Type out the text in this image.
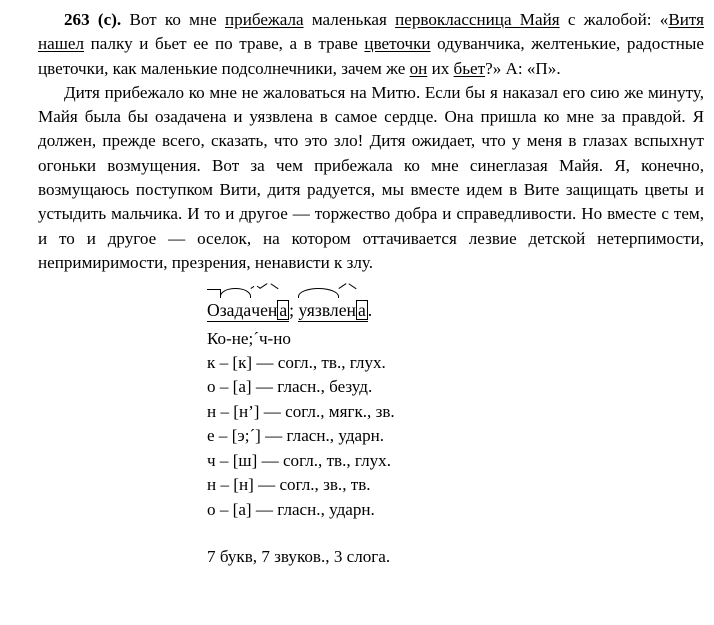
263 (с). Вот ко мне прибежала маленькая первоклассница Майя с жалобой: «Витя нашел палку и бьет ее по траве, а в траве цветочки одуванчика, желтенькие, радостные цветочки, как маленькие подсолнечники, зачем же он их бьет?» А: «П».

Дитя прибежало ко мне не жаловаться на Митю. Если бы я наказал его сию же минуту, Майя была бы озадачена и уязвлена в самое сердце. Она пришла ко мне за правдой. Я должен, прежде всего, сказать, что это зло! Дитя ожидает, что у меня в глазах вспыхнут огоньки возмущения. Вот за чем прибежала ко мне синеглазая Майя. Я, конечно, возмущаюсь поступком Вити, дитя радуется, мы вместе идем в Вите защищать цветы и устыдить мальчика. И то и другое — торжество добра и справедливости. Но вместе с тем, и то и другое — оселок, на котором оттачивается лезвие детской нетерпимости, непримиримости, презрения, ненависти к злу.

Озадачен а ; уязвлен а .
Ко-не;´ч-но
к – [к] — согл., тв., глух.
о – [а] — гласн., безуд.
н – [н’] — согл., мягк., зв.
е – [э;´] — гласн., ударн.
ч – [ш] — согл., тв., глух.
н – [н] — согл., зв., тв.
о – [а] — гласн., ударн.
7 букв, 7 звуков., 3 слога.
